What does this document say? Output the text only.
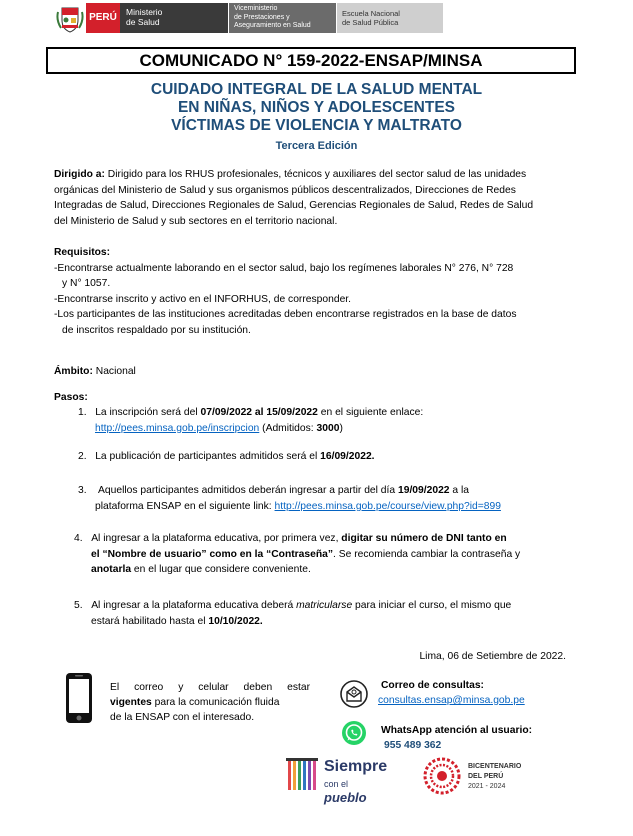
PERÚ	Ministerio
de Salud
Viceministerio
de Prestaciones y
Aseguramiento en Salud
Escuela Nacional
de Salud Pública
COMUNICADO N° 159-2022-ENSAP/MINSA
CUIDADO INTEGRAL DE LA SALUD MENTAL
EN NIÑAS, NIÑOS Y ADOLESCENTES
VÍCTIMAS DE VIOLENCIA Y MALTRATO
Tercera Edición
Dirigido a: Dirigido para los RHUS profesionales, técnicos y auxiliares del sector salud de las unidades
orgánicas del Ministerio de Salud y sus organismos públicos descentralizados, Direcciones de Redes
Integradas de Salud, Direcciones Regionales de Salud, Gerencias Regionales de Salud, Redes de Salud
del Ministerio de Salud y sub sectores en el territorio nacional.
Requisitos:
-Encontrarse actualmente laborando en el sector salud, bajo los regímenes laborales N° 276, N° 728
y N° 1057.
-Encontrarse inscrito y activo en el INFORHUS, de corresponder.
-Los participantes de las instituciones acreditadas deben encontrarse registrados en la base de datos
de inscritos respaldado por su institución.
Ámbito: Nacional
Pasos:
1. La inscripción será del 07/09/2022 al 15/09/2022 en el siguiente enlace:
http://pees.minsa.gob.pe/inscripcion (Admitidos: 3000)
2. La publicación de participantes admitidos será el 16/09/2022.
3. Aquellos participantes admitidos deberán ingresar a partir del día 19/09/2022 a la
plataforma ENSAP en el siguiente link: http://pees.minsa.gob.pe/course/view.php?id=899
4. Al ingresar a la plataforma educativa, por primera vez, digitar su número de DNI tanto en
el “Nombre de usuario” como en la “Contraseña”. Se recomienda cambiar la contraseña y
anotarla en el lugar que considere conveniente.
5. Al ingresar a la plataforma educativa deberá matricularse para iniciar el curso, el mismo que
estará habilitado hasta el 10/10/2022.
Lima, 06 de Setiembre de 2022.
El correo y celular deben estar
vigentes para la comunicación fluida
de la ENSAP con el interesado.
Correo de consultas:
consultas.ensap@minsa.gob.pe
WhatsApp atención al usuario:
955 489 362
Siempre
con el pueblo
BICENTENARIO
DEL PERÚ
2021 - 2024
